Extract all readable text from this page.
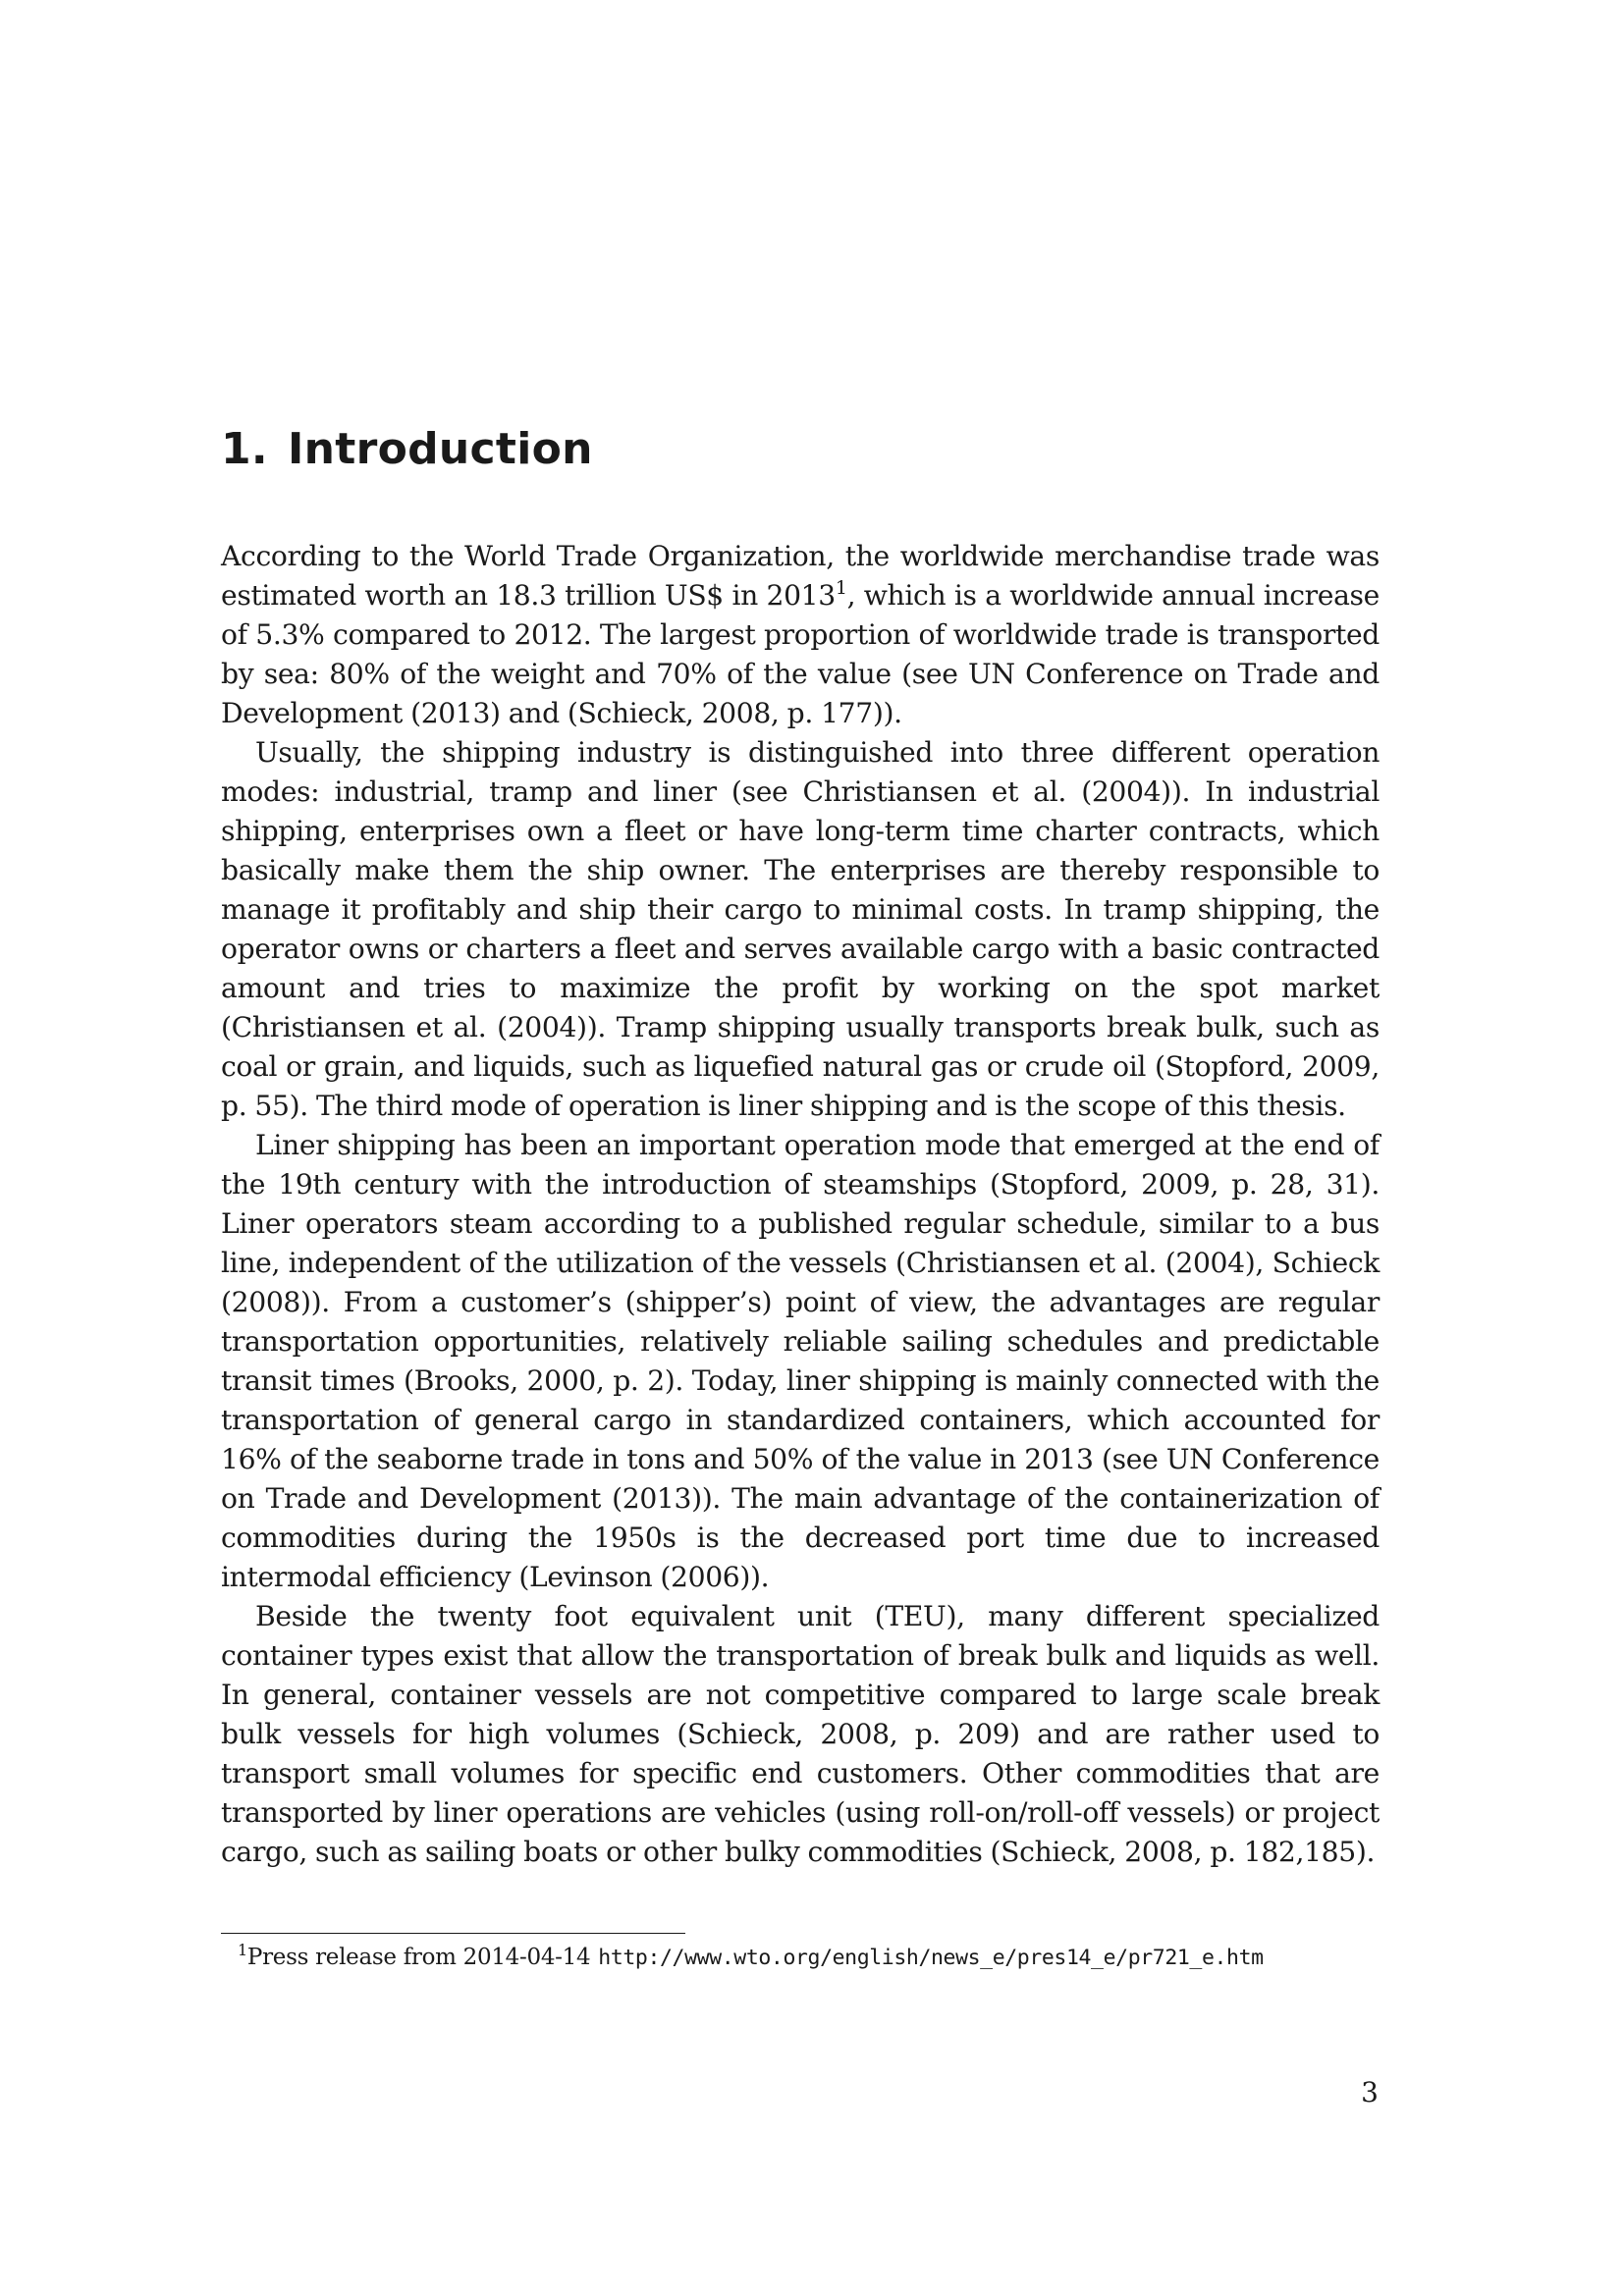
1. Introduction

According to the World Trade Organization, the worldwide merchandise trade was estimated worth an 18.3 trillion US$ in 2013$^1$, which is a worldwide annual increase of 5.3% compared to 2012. The largest proportion of worldwide trade is transported by sea: 80% of the weight and 70% of the value (see UN Conference on Trade and Development (2013) and (Schieck, 2008, p. 177)).

Usually, the shipping industry is distinguished into three different operation modes: industrial, tramp and liner (see Christiansen et al. (2004)). In industrial shipping, enterprises own a fleet or have long-term time charter contracts, which basically make them the ship owner. The enterprises are thereby responsible to manage it profitably and ship their cargo to minimal costs. In tramp shipping, the operator owns or charters a fleet and serves available cargo with a basic contracted amount and tries to maximize the profit by working on the spot market (Christiansen et al. (2004)). Tramp shipping usually transports break bulk, such as coal or grain, and liquids, such as liquefied natural gas or crude oil (Stopford, 2009, p. 55). The third mode of operation is liner shipping and is the scope of this thesis.

Liner shipping has been an important operation mode that emerged at the end of the 19th century with the introduction of steamships (Stopford, 2009, p. 28, 31). Liner operators steam according to a published regular schedule, similar to a bus line, independent of the utilization of the vessels (Christiansen et al. (2004), Schieck (2008)). From a customer’s (shipper’s) point of view, the advantages are regular transportation opportunities, relatively reliable sailing schedules and predictable transit times (Brooks, 2000, p. 2). Today, liner shipping is mainly connected with the transportation of general cargo in standardized containers, which accounted for 16% of the seaborne trade in tons and 50% of the value in 2013 (see UN Conference on Trade and Development (2013)). The main advantage of the containerization of commodities during the 1950s is the decreased port time due to increased intermodal efficiency (Levinson (2006)).

Beside the twenty foot equivalent unit (TEU), many different specialized container types exist that allow the transportation of break bulk and liquids as well. In general, container vessels are not competitive compared to large scale break bulk vessels for high volumes (Schieck, 2008, p. 209) and are rather used to transport small volumes for specific end customers. Other commodities that are transported by liner operations are vehicles (using roll-on/roll-off vessels) or project cargo, such as sailing boats or other bulky commodities (Schieck, 2008, p. 182,185).

$^1$Press release from 2014-04-14 http://www.wto.org/english/news_e/pres14_e/pr721_e.htm
3
